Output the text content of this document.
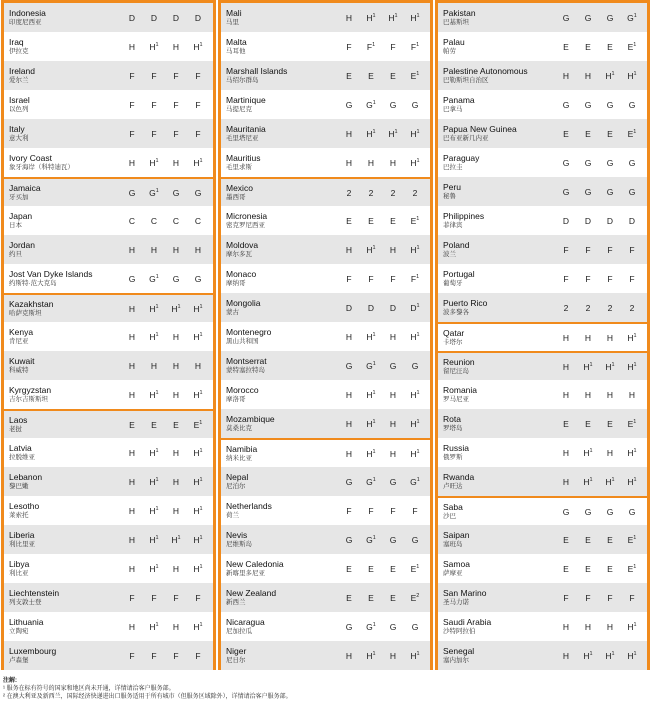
Indonesia
印度尼西亚	D	D	D	D
Iraq
伊拉克	H	$H^1$	H	$H^1$
Ireland
爱尔兰	F	F	F	F
Israel
以色列	F	F	F	F
Italy
意大利	F	F	F	F
Ivory Coast
象牙海岸（科特迪瓦）	H	$H^1$	H	$H^1$
Jamaica
牙买加	G	$G^1$	G	G
Japan
日本	C	C	C	C
Jordan
约旦	H	H	H	H
Jost Van Dyke Islands
约斯特·范大克岛	G	$G^1$	G	G
Kazakhstan
哈萨克斯坦	H	$H^1$	$H^1$	$H^1$
Kenya
肯尼亚	H	$H^1$	H	$H^1$
Kuwait
科威特	H	H	H	H
Kyrgyzstan
吉尔吉斯斯坦	H	$H^1$	H	$H^1$
Laos
老挝	E	E	E	$E^1$
Latvia
拉脱维亚	H	$H^1$	H	$H^1$
Lebanon
黎巴嫩	H	$H^1$	H	$H^1$
Lesotho
莱索托	H	$H^1$	H	$H^1$
Liberia
利比里亚	H	$H^1$	$H^1$	$H^1$
Libya
利比亚	H	$H^1$	H	$H^1$
Liechtenstein
列支敦士登	F	F	F	F
Lithuania
立陶宛	H	$H^1$	H	$H^1$
Luxembourg
卢森堡	F	F	F	F
Mali
马里	H	$H^1$	$H^1$	$H^1$
Malta
马耳他	F	$F^1$	F	$F^1$
Marshall Islands
马绍尔群岛	E	E	E	$E^1$
Martinique
马提尼克	G	$G^1$	G	G
Mauritania
毛里塔尼亚	H	$H^1$	$H^1$	$H^1$
Mauritius
毛里求斯	H	H	H	$H^1$
Mexico
墨西哥	2	2	2	2
Micronesia
密克罗尼西亚	E	E	E	$E^1$
Moldova
摩尔多瓦	H	$H^1$	H	$H^1$
Monaco
摩纳哥	F	F	F	$F^1$
Mongolia
蒙古	D	D	D	$D^1$
Montenegro
黑山共和国	H	$H^1$	H	$H^1$
Montserrat
蒙特塞拉特岛	G	$G^1$	G	G
Morocco
摩洛哥	H	$H^1$	H	$H^1$
Mozambique
莫桑比克	H	$H^1$	H	$H^1$
Namibia
纳米比亚	H	$H^1$	H	$H^1$
Nepal
尼泊尔	G	$G^1$	G	$G^1$
Netherlands
荷兰	F	F	F	F
Nevis
尼维斯岛	G	$G^1$	G	G
New Caledonia
新喀里多尼亚	E	E	E	$E^1$
New Zealand
新西兰	E	E	E	$E^2$
Nicaragua
尼加拉瓜	G	$G^1$	G	G
Niger
尼日尔	H	$H^1$	H	$H^1$
Pakistan
巴基斯坦	G	G	G	$G^1$
Palau
帕劳	E	E	E	$E^1$
Palestine Autonomous
巴勒斯坦自治区	H	H	$H^1$	$H^1$
Panama
巴拿马	G	G	G	G
Papua New Guinea
巴布亚新几内亚	E	E	E	$E^1$
Paraguay
巴拉圭	G	G	G	G
Peru
秘鲁	G	G	G	G
Philippines
菲律宾	D	D	D	D
Poland
波兰	F	F	F	F
Portugal
葡萄牙	F	F	F	F
Puerto Rico
波多黎各	2	2	2	2
Qatar
卡塔尔	H	H	H	$H^1$
Reunion
留尼汪岛	H	$H^1$	$H^1$	$H^1$
Romania
罗马尼亚	H	H	H	H
Rota
罗塔岛	E	E	E	$E^1$
Russia
俄罗斯	H	$H^1$	H	$H^1$
Rwanda
卢旺达	H	$H^1$	$H^1$	$H^1$
Saba
沙巴	G	G	G	G
Saipan
塞班岛	E	E	E	$E^1$
Samoa
萨摩亚	E	E	E	$E^1$
San Marino
圣马力诺	F	F	F	F
Saudi Arabia
沙特阿拉伯	H	H	H	$H^1$
Senegal
塞内加尔	H	$H^1$	$H^1$	$H^1$
注解:
¹ 服务在标有符号的国家和地区尚未开通，详情请洽客户服务部。
² 在澳大利亚及新西兰，国际经济快递进出口服务适用于所有城市（但服务区域除外），详情请洽客户服务部。
